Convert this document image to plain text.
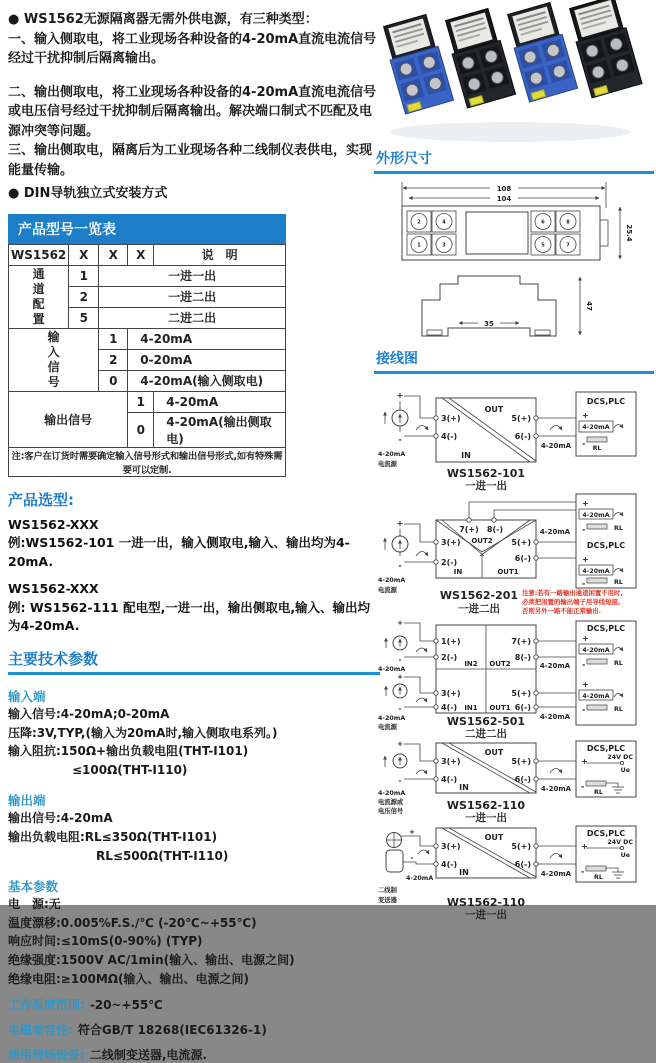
● WS1562无源隔离器无需外供电源，有三种类型：

一、输入侧取电，将工业现场各种设备的4-20mA直流电流信号经过干扰抑制后隔离输出。

二、输出侧取电，将工业现场各种设备的4-20mA直流电流信号或电压信号经过干扰抑制后隔离输出。解决端口制式不匹配及电源冲突等问题。

三、输出侧取电，隔离后为工业现场各种二线制仪表供电，实现能量传输。

● DIN导轨独立式安装方式

产品型号一览表
WS1562	X	X	X	说　明

通道配置	1	一进一出		
	2	一进二出		
	5	二进二出		

输入信号		1	4-20mA	
		2	0-20mA	
		0	4-20mA(输入侧取电)	
输出信号			1	4-20mA
			0	4-20mA(输出侧取电)
注:客户在订货时需要确定输入信号形式和输出信号形式,如有特殊需要可以定制.				
产品选型:

WS1562-XXX

例:WS1562-101 一进一出，输入侧取电,输入、输出均为4-20mA.

WS1562-XXX

例: WS1562-111 配电型,一进一出，输出侧取电,输入、输出均为4-20mA.

主要技术参数
输入端
输入信号:4-20mA;0-20mA
压降:3V,TYP,(输入为20mA时,输入侧取电系列。)
输入阻抗:150Ω+输出负载电阻(THT-I101)
≤100Ω(THT-I110)
输出端
输出信号:4-20mA
输出负载电阻:RL≤350Ω(THT-I101)
RL≤500Ω(THT-I110)
基本参数
电　源:无
温度漂移:0.005%F.S./℃ (-20℃~+55℃)
响应时间:≤10mS(0-90%) (TYP)
绝缘强度:1500V AC/1min(输入、输出、电源之间)
绝缘电阻:≥100MΩ(输入、输出、电源之间)
工作温度范围: -20~+55℃
电磁兼容性: 符合GB/T 18268(IEC61326-1)
适用现场设备: 二线制变送器,电流源.
外形尺寸
108
104
2	4
1	3
6	8
5	7
25.4
47
35
接线图
+
-
4-20mA
电流源
OUT
IN
3(+)
4(-)
5(+)
6(-)
4-20mA
DCS,PLC
+
4-20mA
-
RL
WS1562-101
一进一出
+
-
4-20mA
电流源
7(+) 8(-)
OUT2
3(+)
2(-)
IN	OUT1
5(+)
6(-)
4-20mA
+
4-20mA
-	RL
DCS,PLC
+
4-20mA
-	RL
WS1562-201
一进二出
注意:若有一路输出通道闲置不用时,
必须把闲置的输出端子用导线短接,
否则另外一路不能正常输出.
+
-
4-20mA
+
-
4-20mA
电流源
1(+)
2(-)
IN2
7(+)
8(-)
OUT2
3(+)
4(-) IN1
5(+)
6(-)
OUT1
4-20mA
4-20mA
DCS,PLC
+
4-20mA
-	RL
+
4-20mA
-	RL
WS1562-501
二进二出
+
-
4-20mA
电流源或
电压信号
OUT
IN
3(+)
4(-)
5(+)
6(-)
4-20mA
DCS,PLC
+	24V DC
Ue
-
RL
WS1562-110
一进一出
+
-
4-20mA
二线制
变送器
OUT
IN
3(+)
4(-)
5(+)
6(-)
4-20mA
DCS,PLC
+	24V DC
Ue
-
RL
WS1562-110
一进一出
